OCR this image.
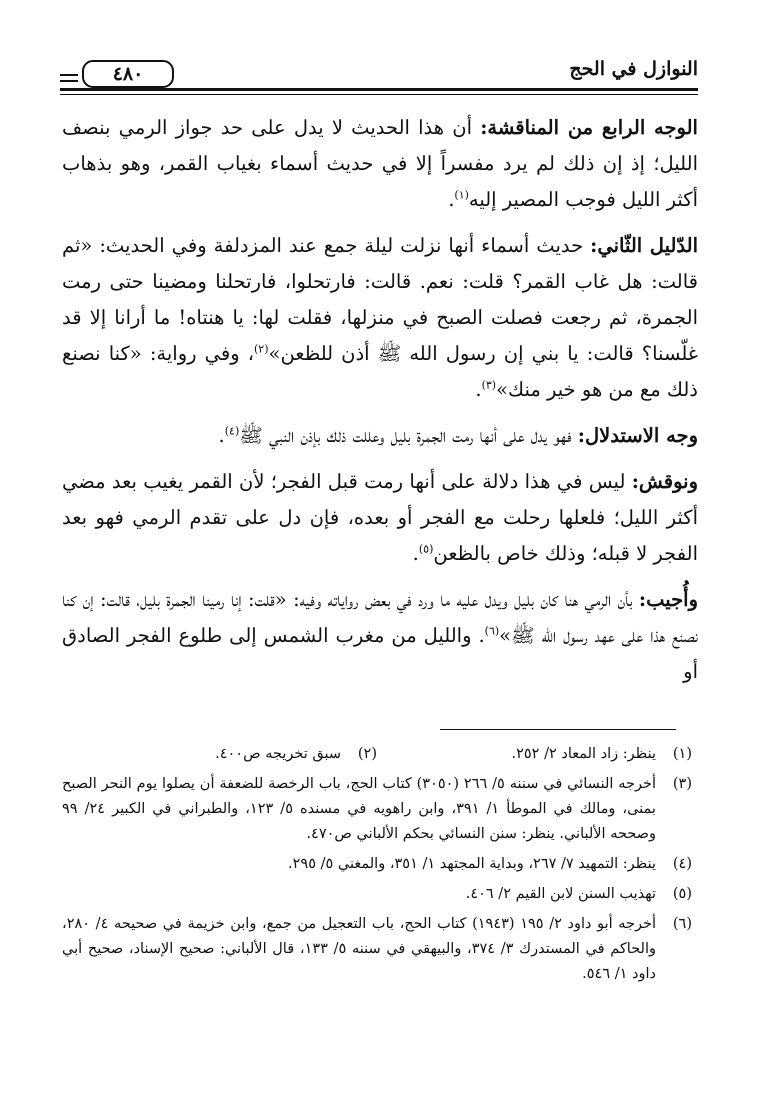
النوازل في الحج
٤٨٠

الوجه الرابع من المناقشة: أن هذا الحديث لا يدل على حد جواز الرمي بنصف الليل؛ إذ إن ذلك لم يرد مفسراً إلا في حديث أسماء بغياب القمر، وهو بذهاب أكثر الليل فوجب المصير إليه$^{(١)}$.

الدّليل الثّاني: حديث أسماء أنها نزلت ليلة جمع عند المزدلفة وفي الحديث: «ثم قالت: هل غاب القمر؟ قلت: نعم. قالت: فارتحلوا، فارتحلنا ومضينا حتى رمت الجمرة، ثم رجعت فصلت الصبح في منزلها، فقلت لها: يا هنتاه! ما أرانا إلا قد غلّسنا؟ قالت: يا بني إن رسول الله ﷺ أذن للظعن»$^{(٢)}$، وفي رواية: «كنا نصنع ذلك مع من هو خير منك»$^{(٣)}$.

وجه الاستدلال: فهو يدل على أنها رمت الجمرة بليل وعللت ذلك بإذن النبي ﷺ$^{(٤)}$.

ونوقش: ليس في هذا دلالة على أنها رمت قبل الفجر؛ لأن القمر يغيب بعد مضي أكثر الليل؛ فلعلها رحلت مع الفجر أو بعده، فإن دل على تقدم الرمي فهو بعد الفجر لا قبله؛ وذلك خاص بالظعن$^{(٥)}$.

وأُجيب: بأن الرمي هنا كان بليل ويدل عليه ما ورد في بعض رواياته وفيه: «قلت: إنا رمينا الجمرة بليل، قالت: إن كنا نصنع هذا على عهد رسول الله ﷺ»$^{(٦)}$. والليل من مغرب الشمس إلى طلوع الفجر الصادق أو

(١)
ينظر: زاد المعاد ٢/ ٢٥٢.
(٢)
سبق تخريجه ص٤٠٠.
(٣)
أخرجه النسائي في سننه ٥/ ٢٦٦ (٣٠٥٠) كتاب الحج، باب الرخصة للضعفة أن يصلوا يوم النحر الصبح بمنى، ومالك في الموطأ ١/ ٣٩١، وابن راهويه في مسنده ٥/ ١٢٣، والطبراني في الكبير ٢٤/ ٩٩ وصححه الألباني. ينظر: سنن النسائي بحكم الألباني ص٤٧٠.
(٤)
ينظر: التمهيد ٧/ ٢٦٧، وبداية المجتهد ١/ ٣٥١، والمغني ٥/ ٢٩٥.
(٥)
تهذيب السنن لابن القيم ٢/ ٤٠٦.
(٦)
أخرجه أبو داود ٢/ ١٩٥ (١٩٤٣) كتاب الحج، باب التعجيل من جمع، وابن خزيمة في صحيحه ٤/ ٢٨٠، والحاكم في المستدرك ٣/ ٣٧٤، والبيهقي في سننه ٥/ ١٣٣، قال الألباني: صحيح الإسناد، صحيح أبي داود ١/ ٥٤٦.
